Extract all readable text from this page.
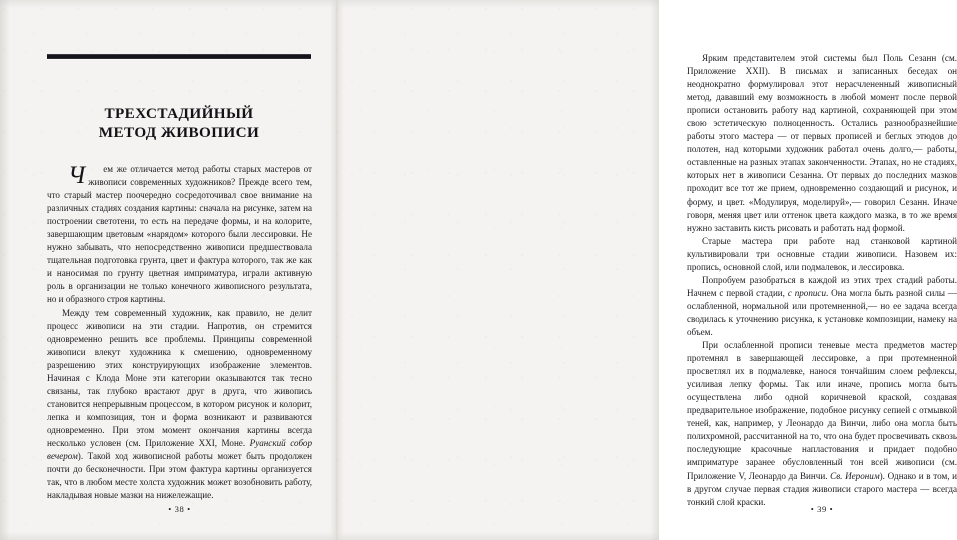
ТРЕХСТАДИЙНЫЙ
МЕТОД ЖИВОПИСИ

Ч	ем же отличается метод работы старых мастеров от живописи современных художников? Прежде всего тем, что старый мастер поочередно сосредоточивал свое внимание на различных стадиях создания картины: сначала на рисунке, затем на построении светотени, то есть на передаче формы, и на колорите, завершающим цветовым «нарядом» которого были лессировки. Не нужно забывать, что непосредственно живописи предшествовала тщательная подготовка грунта, цвет и фактура которого, так же как и наносимая по грунту цветная имприматура, играли активную роль в организации не только конечного живописного результата, но и образного строя картины.

Между тем современный художник, как правило, не делит процесс живописи на эти стадии. Напротив, он стремится одновременно решить все проблемы. Принципы современной живописи влекут художника к смешению, одновременному разрешению этих конструирующих изображение элементов. Начиная с Клода Моне эти категории оказываются так тесно связаны, так глубоко врастают друг в друга, что живопись становится непрерывным процессом, в котором рисунок и колорит, лепка и композиция, тон и форма возникают и развиваются одновременно. При этом момент окончания картины всегда несколько условен (см. Приложение XXI, Моне. Руанский собор вечером). Такой ход живописной работы может быть продолжен почти до бесконечности. При этом фактура картины организуется так, что в любом месте холста художник может возобновить работу, накладывая новые мазки на нижележащие.

• 38 •

Ярким представителем этой системы был Поль Сезанн (см. Приложение XXII). В письмах и записанных беседах он неоднократно формулировал этот нерасчлененный живописный метод, дававший ему возможность в любой момент после первой прописи остановить работу над картиной, сохраняющей при этом свою эстетическую полноценность. Остались разнообразнейшие работы этого мастера — от первых прописей и беглых этюдов до полотен, над которыми художник работал очень долго,— работы, оставленные на разных этапах законченности. Этапах, но не стадиях, которых нет в живописи Сезанна. От первых до последних мазков проходит все тот же прием, одновременно создающий и рисунок, и форму, и цвет. «Модулируя, моделируй»,— говорил Сезанн. Иначе говоря, меняя цвет или оттенок цвета каждого мазка, в то же время нужно заставить кисть рисовать и работать над формой.

Старые мастера при работе над станковой картиной культивировали три основные стадии живописи. Назовем их: пропись, основной слой, или подмалевок, и лессировка.

Попробуем разобраться в каждой из этих трех стадий работы. Начнем с первой стадии, с прописи. Она могла быть разной силы — ослабленной, нормальной или протемненной,— но ее задача всегда сводилась к уточнению рисунка, к установке композиции, намеку на объем.

При ослабленной прописи теневые места предметов мастер протемнял в завершающей лессировке, а при протемненной просветлял их в подмалевке, нанося тончайшим слоем рефлексы, усиливая лепку формы. Так или иначе, пропись могла быть осуществлена либо одной коричневой краской, создавая предварительное изображение, подобное рисунку сепией с отмывкой теней, как, например, у Леонардо да Винчи, либо она могла быть полихромной, рассчитанной на то, что она будет просвечивать сквозь последующие красочные напластования и придает подобно имприматуре заранее обусловленный тон всей живописи (см. Приложение V, Леонардо да Винчи. Св. Иероним). Однако и в том, и в другом случае первая стадия живописи старого мастера — всегда тонкий слой краски.

• 39 •
